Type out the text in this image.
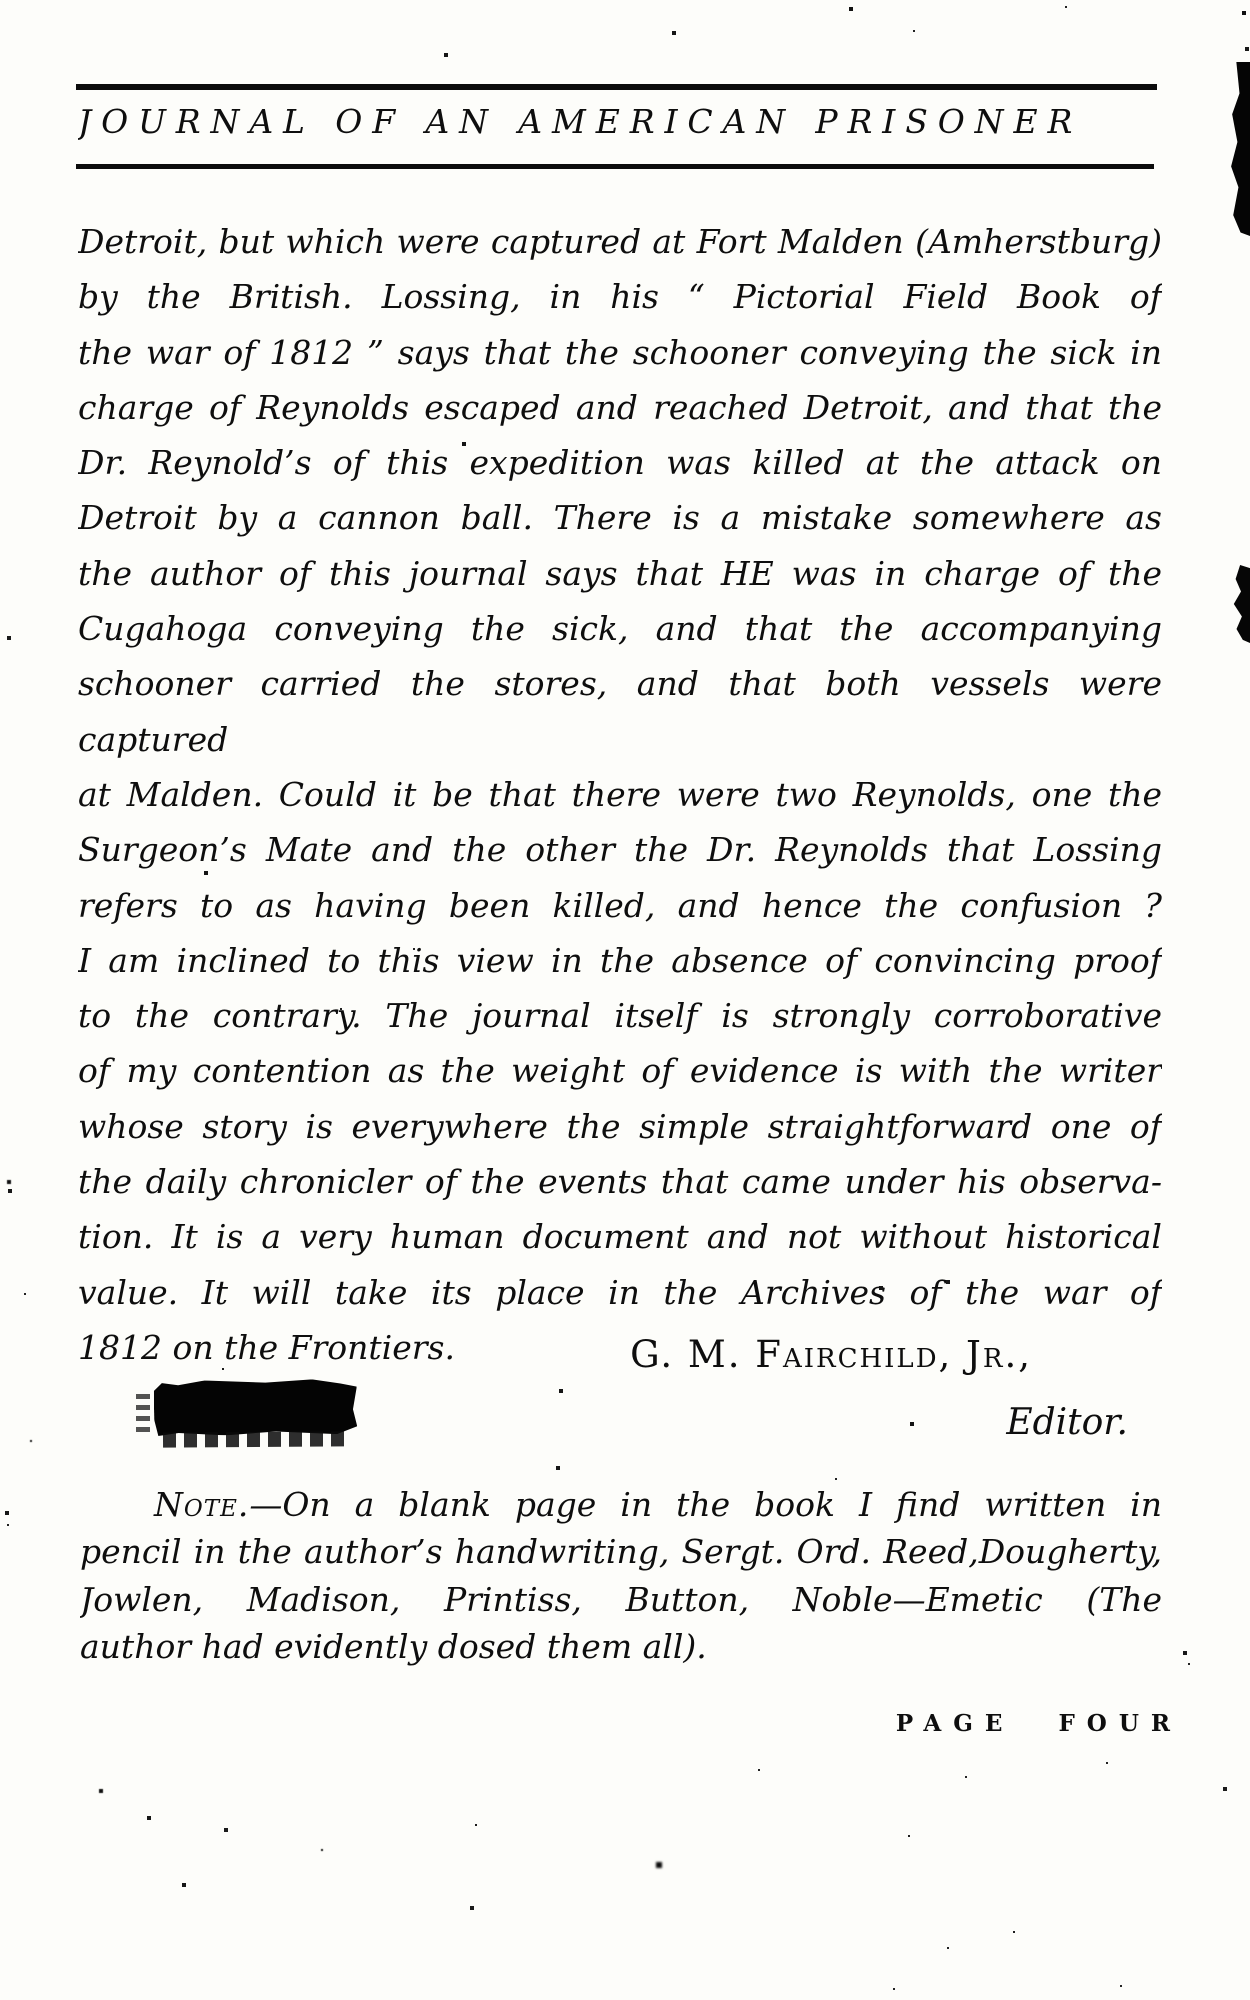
JOURNAL OF AN AMERICAN PRISONER
Detroit, but which were captured at Fort Malden (Amherstburg)
by the British. Lossing, in his “ Pictorial Field Book of
the war of 1812 ” says that the schooner conveying the sick in
charge of Reynolds escaped and reached Detroit, and that the
Dr. Reynold’s of this expedition was killed at the attack on
Detroit by a cannon ball. There is a mistake somewhere as
the author of this journal says that HE was in charge of the
Cugahoga conveying the sick, and that the accompanying
schooner carried the stores, and that both vessels were captured
at Malden. Could it be that there were two Reynolds, one the
Surgeon’s Mate and the other the Dr. Reynolds that Lossing
refers to as having been killed, and hence the confusion ?
I am inclined to this view in the absence of convincing proof
to the contrary. The journal itself is strongly corroborative
of my contention as the weight of evidence is with the writer
whose story is everywhere the simple straightforward one of
the daily chronicler of the events that came under his observa-
tion. It is a very human document and not without historical
value. It will take its place in the Archives of the war of
1812 on the Frontiers.	G. M. Fairchild, Jr.,
Editor.
Note.—On a blank page in the book I find written in
pencil in the author’s handwriting, Sergt. Ord. Reed,Dougherty,
Jowlen, Madison, Printiss, Button, Noble—Emetic (The
author had evidently dosed them all).
PAGE FOUR
